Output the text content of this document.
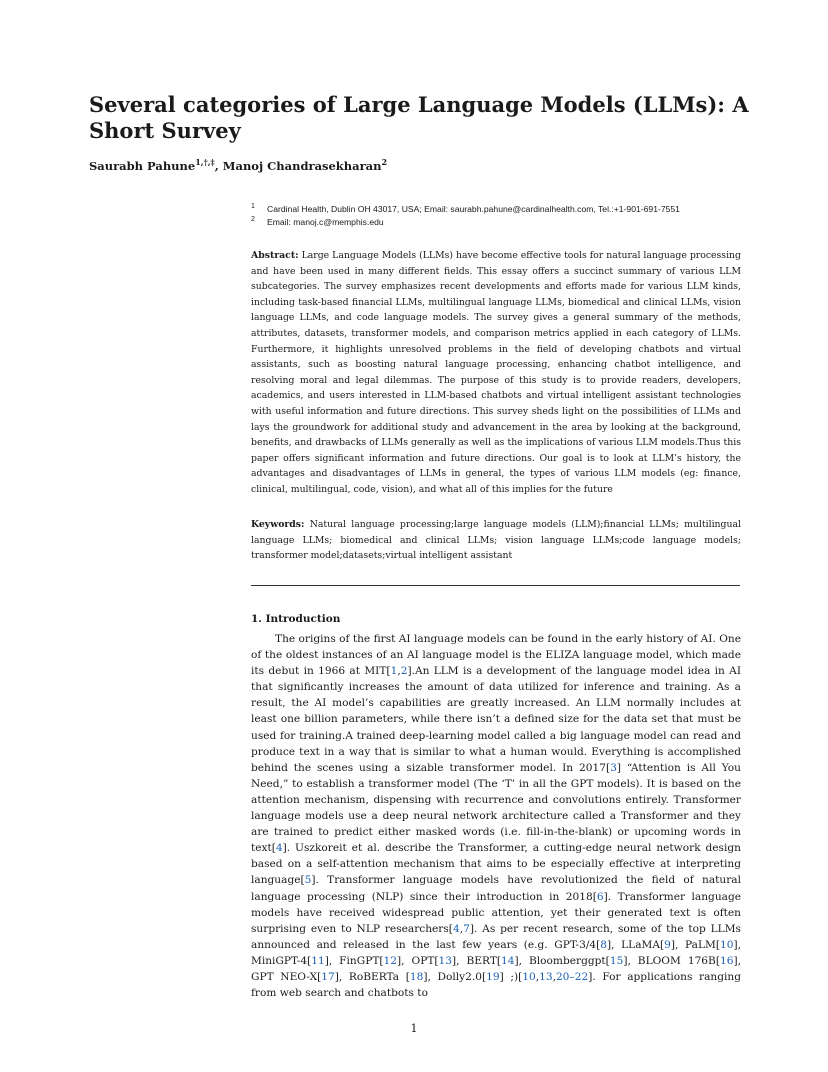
Several categories of Large Language Models (LLMs): A Short Survey
Saurabh Pahune$^{1,\dagger,\ddagger}$, Manoj Chandrasekharan$^2$
1 Cardinal Health, Dublin OH 43017, USA; Email: saurabh.pahune@cardinalhealth.com, Tel.:+1-901-691-7551
2 Email: manoj.c@memphis.edu

Abstract: Large Language Models (LLMs) have become effective tools for natural language processing and have been used in many different fields. This essay offers a succinct summary of various LLM subcategories. The survey emphasizes recent developments and efforts made for various LLM kinds, including task-based financial LLMs, multilingual language LLMs, biomedical and clinical LLMs, vision language LLMs, and code language models. The survey gives a general summary of the methods, attributes, datasets, transformer models, and comparison metrics applied in each category of LLMs. Furthermore, it highlights unresolved problems in the field of developing chatbots and virtual assistants, such as boosting natural language processing, enhancing chatbot intelligence, and resolving moral and legal dilemmas. The purpose of this study is to provide readers, developers, academics, and users interested in LLM-based chatbots and virtual intelligent assistant technologies with useful information and future directions. This survey sheds light on the possibilities of LLMs and lays the groundwork for additional study and advancement in the area by looking at the background, benefits, and drawbacks of LLMs generally as well as the implications of various LLM models.Thus this paper offers significant information and future directions. Our goal is to look at LLM’s history, the advantages and disadvantages of LLMs in general, the types of various LLM models (eg: finance, clinical, multilingual, code, vision), and what all of this implies for the future

Keywords: Natural language processing;large language models (LLM);financial LLMs; multilingual language LLMs; biomedical and clinical LLMs; vision language LLMs;code language models; transformer model;datasets;virtual intelligent assistant

1. Introduction

The origins of the first AI language models can be found in the early history of AI. One of the oldest instances of an AI language model is the ELIZA language model, which made its debut in 1966 at MIT[1,2].An LLM is a development of the language model idea in AI that significantly increases the amount of data utilized for inference and training. As a result, the AI model’s capabilities are greatly increased. An LLM normally includes at least one billion parameters, while there isn’t a defined size for the data set that must be used for training.A trained deep-learning model called a big language model can read and produce text in a way that is similar to what a human would. Everything is accomplished behind the scenes using a sizable transformer model. In 2017[3] “Attention is All You Need,” to establish a transformer model (The ‘T’ in all the GPT models). It is based on the attention mechanism, dispensing with recurrence and convolutions entirely. Transformer language models use a deep neural network architecture called a Transformer and they are trained to predict either masked words (i.e. fill-in-the-blank) or upcoming words in text[4]. Uszkoreit et al. describe the Transformer, a cutting-edge neural network design based on a self-attention mechanism that aims to be especially effective at interpreting language[5]. Transformer language models have revolutionized the field of natural language processing (NLP) since their introduction in 2018[6]. Transformer language models have received widespread public attention, yet their generated text is often surprising even to NLP researchers[4,7]. As per recent research, some of the top LLMs announced and released in the last few years (e.g. GPT-3/4[8], LLaMA[9], PaLM[10], MiniGPT-4[11], FinGPT[12], OPT[13], BERT[14], Bloomberggpt[15], BLOOM 176B[16], GPT NEO-X[17], RoBERTa [18], Dolly2.0[19] ;)[10,13,20–22]. For applications ranging from web search and chatbots to

1
